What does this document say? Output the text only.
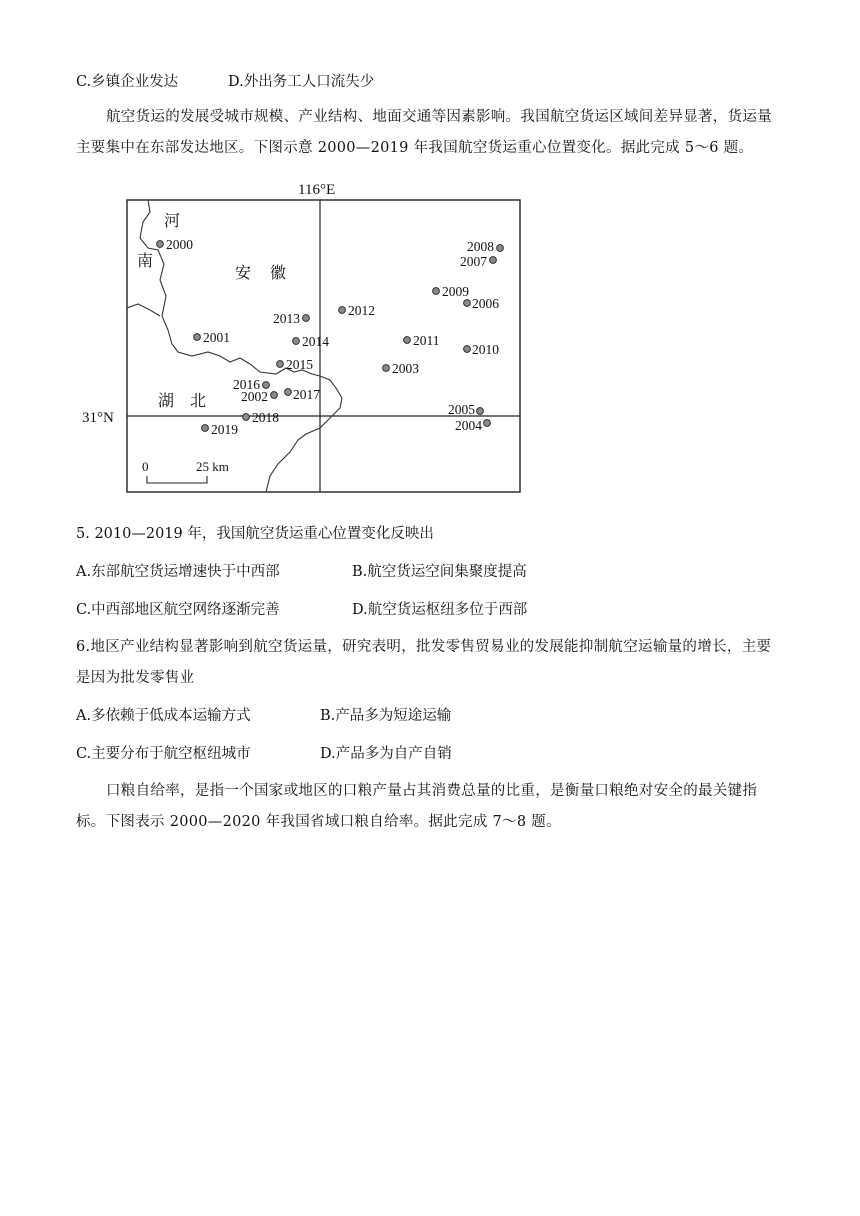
C.乡镇企业发达	D.外出务工人口流失少
航空货运的发展受城市规模、产业结构、地面交通等因素影响。我国航空货运区域间差异显著，货运量主要集中在东部发达地区。下图示意 2000—2019 年我国航空货运重心位置变化。据此完成 5～6 题。
116°E
31°N
河
南
安 徽
湖 北
0	25 km
2000
2001
2002
2003
2004
2005
2006
2007
2008
2009
2010
2011
2012
2013
2014
2015
2016
2017
2018
2019
5. 2010—2019 年，我国航空货运重心位置变化反映出
A.东部航空货运增速快于中西部	B.航空货运空间集聚度提高
C.中西部地区航空网络逐渐完善	D.航空货运枢纽多位于西部
6.地区产业结构显著影响到航空货运量，研究表明，批发零售贸易业的发展能抑制航空运输量的增长，主要是因为批发零售业
A.多依赖于低成本运输方式	B.产品多为短途运输
C.主要分布于航空枢纽城市	D.产品多为自产自销
口粮自给率，是指一个国家或地区的口粮产量占其消费总量的比重，是衡量口粮绝对安全的最关键指标。下图表示 2000—2020 年我国省域口粮自给率。据此完成 7～8 题。
